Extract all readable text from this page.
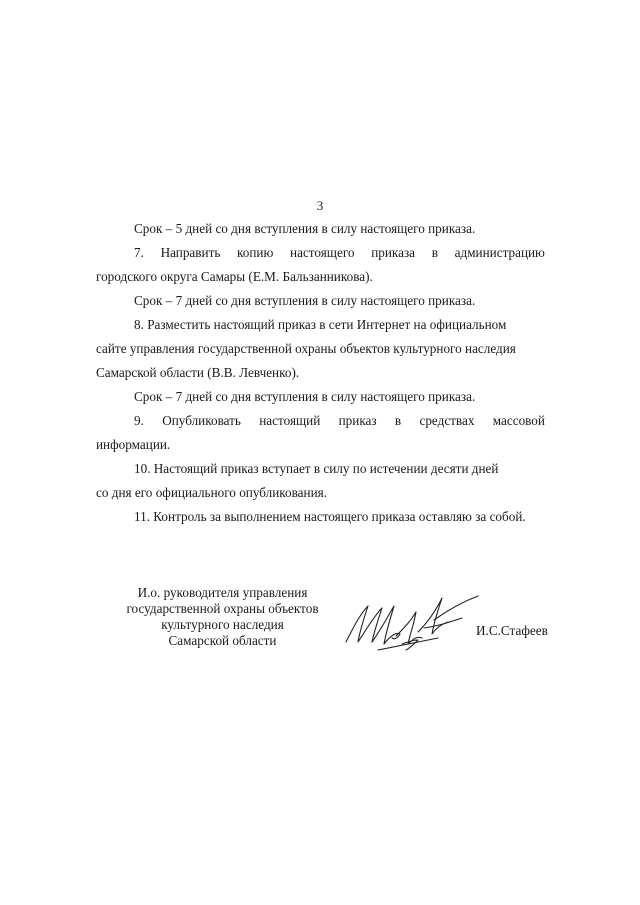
3
Срок – 5 дней со дня вступления в силу настоящего приказа.
7. Направить копию настоящего приказа в администрацию
городского округа Самары (Е.М. Бальзанникова).
Срок – 7 дней со дня вступления в силу настоящего приказа.
8. Разместить настоящий приказ в сети Интернет на официальном
сайте управления государственной охраны объектов культурного наследия
Самарской области (В.В. Левченко).
Срок – 7 дней со дня вступления в силу настоящего приказа.
9. Опубликовать настоящий приказ в средствах массовой
информации.
10. Настоящий приказ вступает в силу по истечении десяти дней
со дня его официального опубликования.
11. Контроль за выполнением настоящего приказа оставляю за собой.
И.о. руководителя управления
государственной охраны объектов
культурного наследия
Самарской области
И.С.Стафеев
